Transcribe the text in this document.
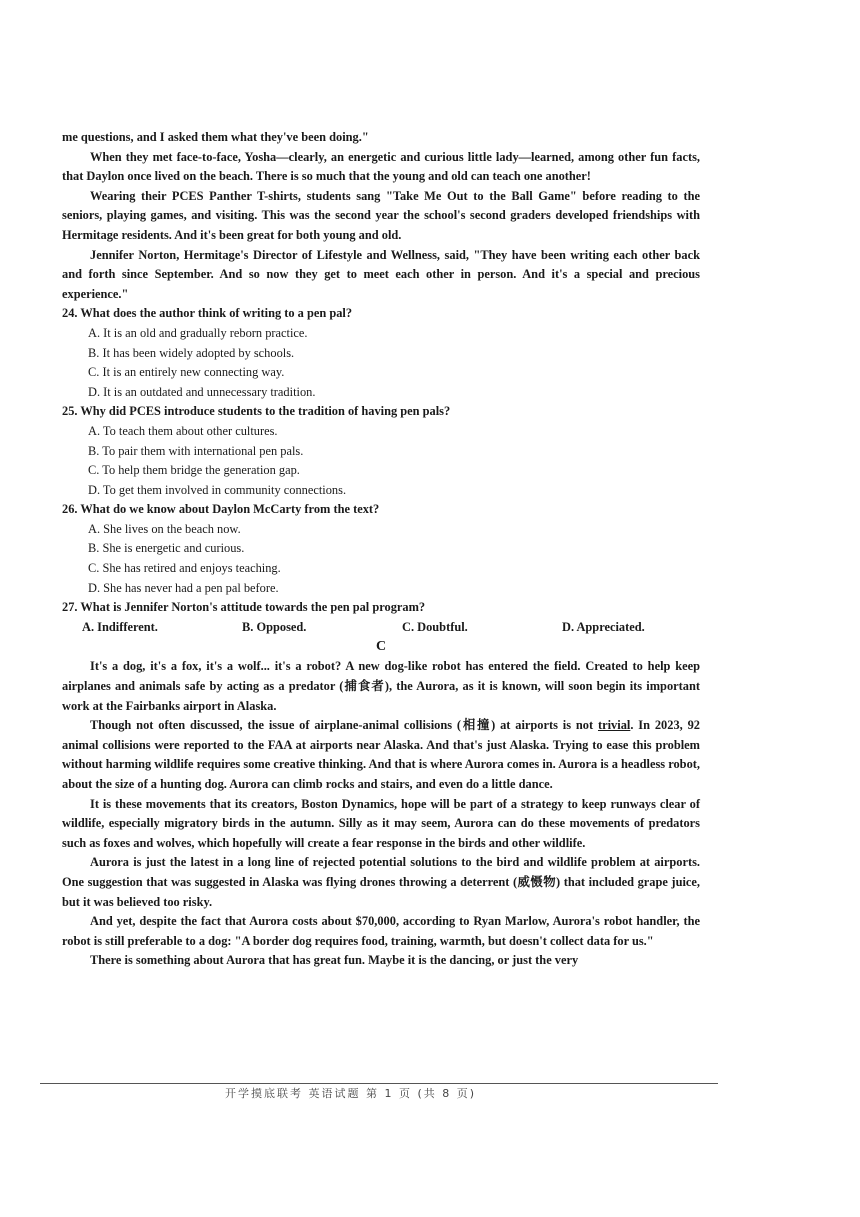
me questions, and I asked them what they've been doing."

When they met face-to-face, Yosha—clearly, an energetic and curious little lady—learned, among other fun facts, that Daylon once lived on the beach. There is so much that the young and old can teach one another!

Wearing their PCES Panther T-shirts, students sang "Take Me Out to the Ball Game" before reading to the seniors, playing games, and visiting. This was the second year the school's second graders developed friendships with Hermitage residents. And it's been great for both young and old.

Jennifer Norton, Hermitage's Director of Lifestyle and Wellness, said, "They have been writing each other back and forth since September. And so now they get to meet each other in person. And it's a special and precious experience."

24. What does the author think of writing to a pen pal?

A. It is an old and gradually reborn practice.

B. It has been widely adopted by schools.

C. It is an entirely new connecting way.

D. It is an outdated and unnecessary tradition.

25. Why did PCES introduce students to the tradition of having pen pals?

A. To teach them about other cultures.

B. To pair them with international pen pals.

C. To help them bridge the generation gap.

D. To get them involved in community connections.

26. What do we know about Daylon McCarty from the text?

A. She lives on the beach now.

B. She is energetic and curious.

C. She has retired and enjoys teaching.

D. She has never had a pen pal before.

27. What is Jennifer Norton's attitude towards the pen pal program?

A. Indifferent.	B. Opposed.	C. Doubtful.	D. Appreciated.

C

It's a dog, it's a fox, it's a wolf... it's a robot? A new dog-like robot has entered the field. Created to help keep airplanes and animals safe by acting as a predator (捕食者), the Aurora, as it is known, will soon begin its important work at the Fairbanks airport in Alaska.

Though not often discussed, the issue of airplane-animal collisions (相撞) at airports is not trivial. In 2023, 92 animal collisions were reported to the FAA at airports near Alaska. And that's just Alaska. Trying to ease this problem without harming wildlife requires some creative thinking. And that is where Aurora comes in. Aurora is a headless robot, about the size of a hunting dog. Aurora can climb rocks and stairs, and even do a little dance.

It is these movements that its creators, Boston Dynamics, hope will be part of a strategy to keep runways clear of wildlife, especially migratory birds in the autumn. Silly as it may seem, Aurora can do these movements of predators such as foxes and wolves, which hopefully will create a fear response in the birds and other wildlife.

Aurora is just the latest in a long line of rejected potential solutions to the bird and wildlife problem at airports. One suggestion that was suggested in Alaska was flying drones throwing a deterrent (威慑物) that included grape juice, but it was believed too risky.

And yet, despite the fact that Aurora costs about $70,000, according to Ryan Marlow, Aurora's robot handler, the robot is still preferable to a dog: "A border dog requires food, training, warmth, but doesn't collect data for us."

There is something about Aurora that has great fun. Maybe it is the dancing, or just the very

开学摸底联考 英语试题 第 1 页 (共 8 页)
